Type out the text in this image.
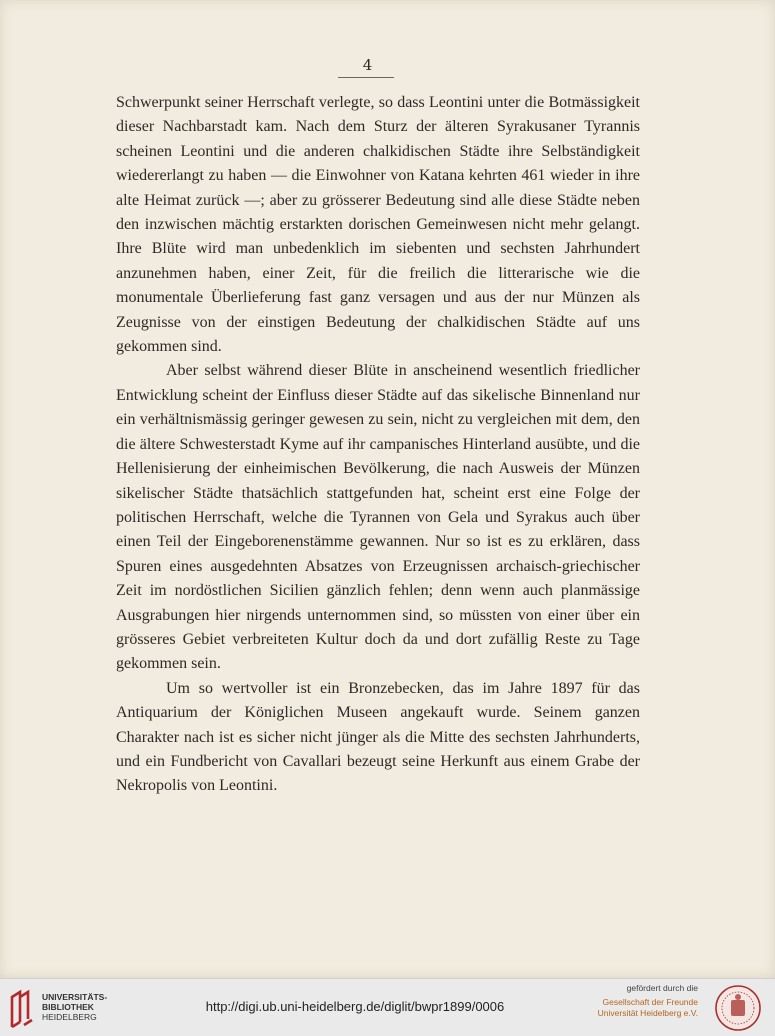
4

Schwerpunkt seiner Herrschaft verlegte, so dass Leontini unter die Botmässigkeit dieser Nachbarstadt kam. Nach dem Sturz der älteren Syrakusaner Tyrannis scheinen Leontini und die anderen chalkidischen Städte ihre Selbständigkeit wiedererlangt zu haben — die Einwohner von Katana kehrten 461 wieder in ihre alte Heimat zurück —; aber zu grösserer Bedeutung sind alle diese Städte neben den inzwischen mächtig erstarkten dorischen Gemeinwesen nicht mehr gelangt. Ihre Blüte wird man unbedenklich im siebenten und sechsten Jahrhundert anzunehmen haben, einer Zeit, für die freilich die litterarische wie die monumentale Überlieferung fast ganz versagen und aus der nur Münzen als Zeugnisse von der einstigen Bedeutung der chalkidischen Städte auf uns gekommen sind.

Aber selbst während dieser Blüte in anscheinend wesentlich friedlicher Entwicklung scheint der Einfluss dieser Städte auf das sikelische Binnenland nur ein verhältnismässig geringer gewesen zu sein, nicht zu vergleichen mit dem, den die ältere Schwesterstadt Kyme auf ihr campanisches Hinterland ausübte, und die Hellenisierung der einheimischen Bevölkerung, die nach Ausweis der Münzen sikelischer Städte thatsächlich stattgefunden hat, scheint erst eine Folge der politischen Herrschaft, welche die Tyrannen von Gela und Syrakus auch über einen Teil der Eingeborenenstämme gewannen. Nur so ist es zu erklären, dass Spuren eines ausgedehnten Absatzes von Erzeugnissen archaisch-griechischer Zeit im nordöstlichen Sicilien gänzlich fehlen; denn wenn auch planmässige Ausgrabungen hier nirgends unternommen sind, so müssten von einer über ein grösseres Gebiet verbreiteten Kultur doch da und dort zufällig Reste zu Tage gekommen sein.

Um so wertvoller ist ein Bronzebecken, das im Jahre 1897 für das Antiquarium der Königlichen Museen angekauft wurde. Seinem ganzen Charakter nach ist es sicher nicht jünger als die Mitte des sechsten Jahrhunderts, und ein Fundbericht von Cavallari bezeugt seine Herkunft aus einem Grabe der Nekropolis von Leontini.

UNIVERSITÄTS-
BIBLIOTHEK
HEIDELBERG
http://digi.ub.uni-heidelberg.de/diglit/bwpr1899/0006
gefördert durch die
Gesellschaft der Freunde
Universität Heidelberg e.V.
